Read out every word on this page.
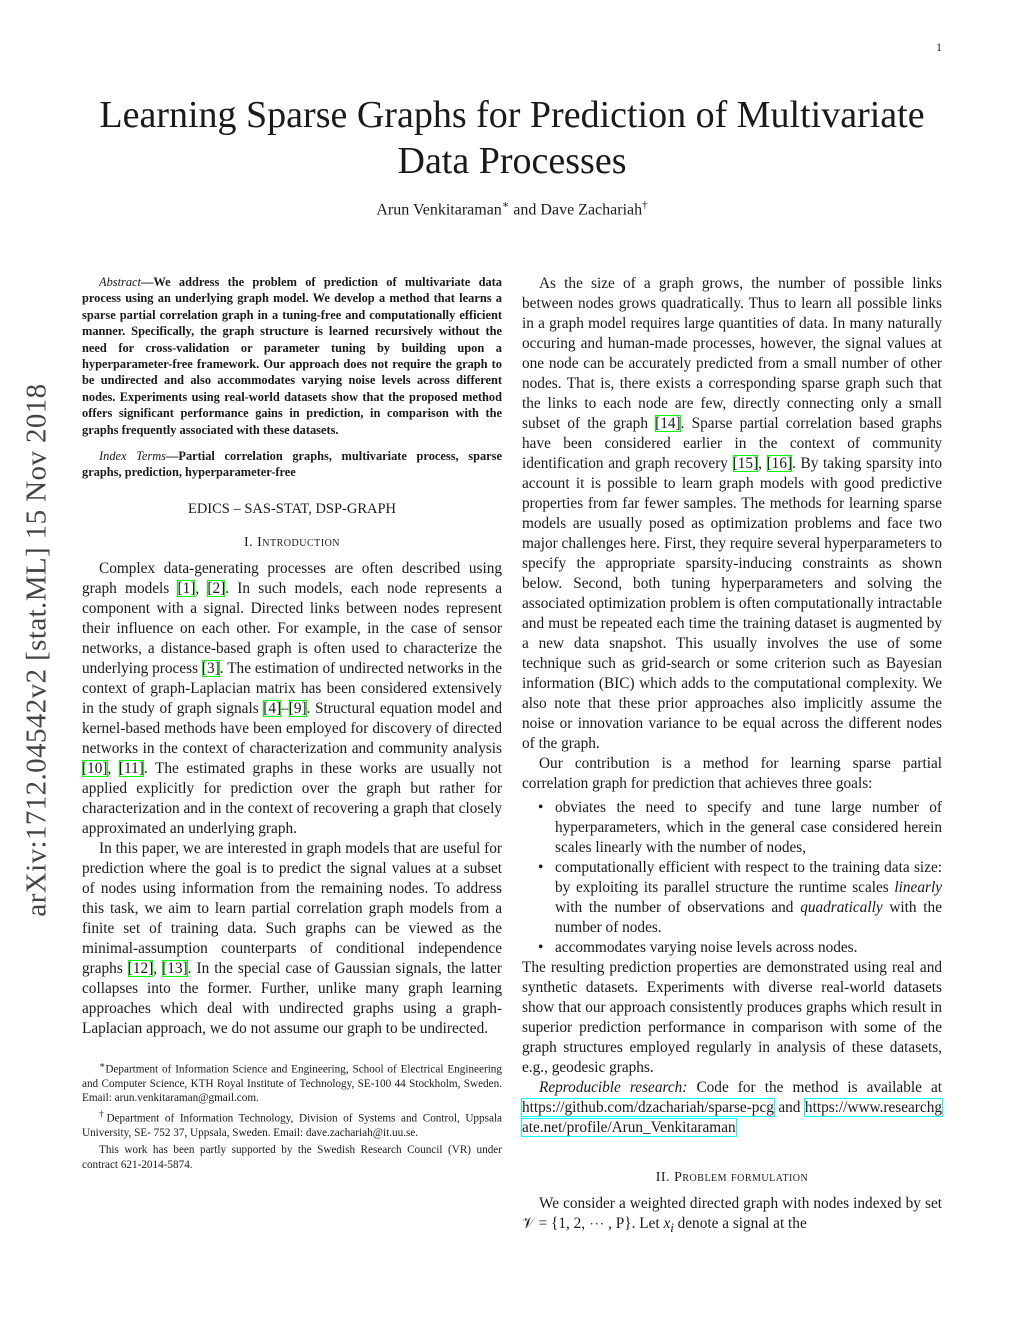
1
arXiv:1712.04542v2 [stat.ML] 15 Nov 2018
Learning Sparse Graphs for Prediction of Multivariate Data Processes
Arun Venkitaraman∗ and Dave Zachariah†

Abstract—We address the problem of prediction of multivariate data process using an underlying graph model. We develop a method that learns a sparse partial correlation graph in a tuning-free and computationally efficient manner. Specifically, the graph structure is learned recursively without the need for cross-validation or parameter tuning by building upon a hyperparameter-free framework. Our approach does not require the graph to be undirected and also accommodates varying noise levels across different nodes. Experiments using real-world datasets show that the proposed method offers significant performance gains in prediction, in comparison with the graphs frequently associated with these datasets.

Index Terms—Partial correlation graphs, multivariate process, sparse graphs, prediction, hyperparameter-free

EDICS – SAS-STAT, DSP-GRAPH
I. Introduction

Complex data-generating processes are often described using graph models [1], [2]. In such models, each node represents a component with a signal. Directed links between nodes represent their influence on each other. For example, in the case of sensor networks, a distance-based graph is often used to characterize the underlying process [3]. The estimation of undirected networks in the context of graph-Laplacian matrix has been considered extensively in the study of graph signals [4]–[9]. Structural equation model and kernel-based methods have been employed for discovery of directed networks in the context of characterization and community analysis [10], [11]. The estimated graphs in these works are usually not applied explicitly for prediction over the graph but rather for characterization and in the context of recovering a graph that closely approximated an underlying graph.

In this paper, we are interested in graph models that are useful for prediction where the goal is to predict the signal values at a subset of nodes using information from the remaining nodes. To address this task, we aim to learn partial correlation graph models from a finite set of training data. Such graphs can be viewed as the minimal-assumption counterparts of conditional independence graphs [12], [13]. In the special case of Gaussian signals, the latter collapses into the former. Further, unlike many graph learning approaches which deal with undirected graphs using a graph-Laplacian approach, we do not assume our graph to be undirected.

∗Department of Information Science and Engineering, School of Electrical Engineering and Computer Science, KTH Royal Institute of Technology, SE-100 44 Stockholm, Sweden. Email: arun.venkitaraman@gmail.com.

†Department of Information Technology, Division of Systems and Control, Uppsala University, SE- 752 37, Uppsala, Sweden. Email: dave.zachariah@it.uu.se.

This work has been partly supported by the Swedish Research Council (VR) under contract 621-2014-5874.

As the size of a graph grows, the number of possible links between nodes grows quadratically. Thus to learn all possible links in a graph model requires large quantities of data. In many naturally occuring and human-made processes, however, the signal values at one node can be accurately predicted from a small number of other nodes. That is, there exists a corresponding sparse graph such that the links to each node are few, directly connecting only a small subset of the graph [14]. Sparse partial correlation based graphs have been considered earlier in the context of community identification and graph recovery [15], [16]. By taking sparsity into account it is possible to learn graph models with good predictive properties from far fewer samples. The methods for learning sparse models are usually posed as optimization problems and face two major challenges here. First, they require several hyperparameters to specify the appropriate sparsity-inducing constraints as shown below. Second, both tuning hyperparameters and solving the associated optimization problem is often computationally intractable and must be repeated each time the training dataset is augmented by a new data snapshot. This usually involves the use of some technique such as grid-search or some criterion such as Bayesian information (BIC) which adds to the computational complexity. We also note that these prior approaches also implicitly assume the noise or innovation variance to be equal across the different nodes of the graph.

Our contribution is a method for learning sparse partial correlation graph for prediction that achieves three goals:

• obviates the need to specify and tune large number of hyperparameters, which in the general case considered herein scales linearly with the number of nodes,
• computationally efficient with respect to the training data size: by exploiting its parallel structure the runtime scales linearly with the number of observations and quadratically with the number of nodes.
• accommodates varying noise levels across nodes.

The resulting prediction properties are demonstrated using real and synthetic datasets. Experiments with diverse real-world datasets show that our approach consistently produces graphs which result in superior prediction performance in comparison with some of the graph structures employed regularly in analysis of these datasets, e.g., geodesic graphs.

Reproducible research: Code for the method is available at https://github.com/dzachariah/sparse-pcg and https://www.researchgate.net/profile/Arun_Venkitaraman

II. Problem formulation

We consider a weighted directed graph with nodes indexed by set 𝒱 = {1, 2, ⋯ , P}. Let $x_i$ denote a signal at the
